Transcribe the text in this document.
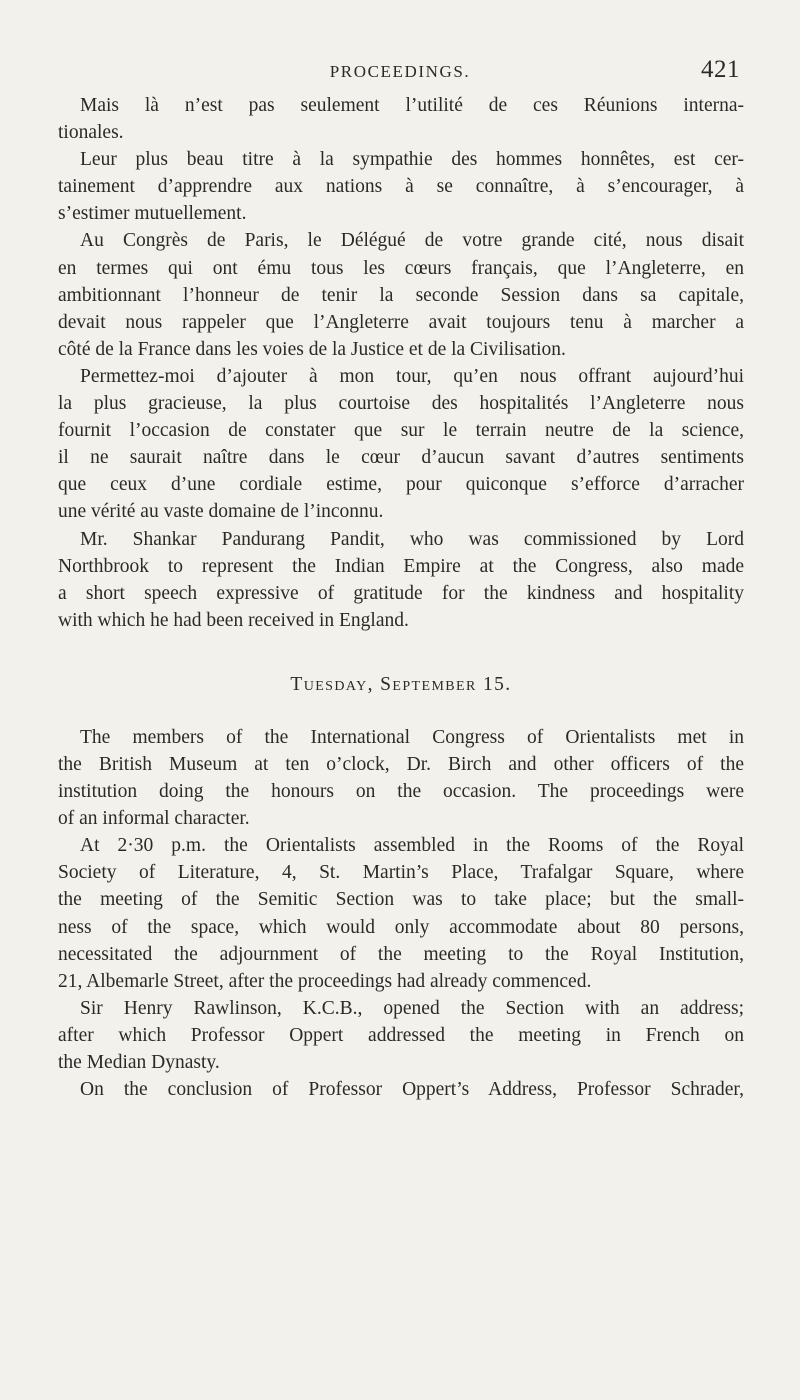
PROCEEDINGS.	421
Mais là n’est pas seulement l’utilité de ces Réunions interna-
tionales.
Leur plus beau titre à la sympathie des hommes honnêtes, est cer-
tainement d’apprendre aux nations à se connaître, à s’encourager, à
s’estimer mutuellement.
Au Congrès de Paris, le Délégué de votre grande cité, nous disait
en termes qui ont ému tous les cœurs français, que l’Angleterre, en
ambitionnant l’honneur de tenir la seconde Session dans sa capitale,
devait nous rappeler que l’Angleterre avait toujours tenu à marcher a
côté de la France dans les voies de la Justice et de la Civilisation.
Permettez-moi d’ajouter à mon tour, qu’en nous offrant aujourd’hui
la plus gracieuse, la plus courtoise des hospitalités l’Angleterre nous
fournit l’occasion de constater que sur le terrain neutre de la science,
il ne saurait naître dans le cœur d’aucun savant d’autres sentiments
que ceux d’une cordiale estime, pour quiconque s’efforce d’arracher
une vérité au vaste domaine de l’inconnu.
Mr. Shankar Pandurang Pandit, who was commissioned by Lord
Northbrook to represent the Indian Empire at the Congress, also made
a short speech expressive of gratitude for the kindness and hospitality
with which he had been received in England.
Tuesday, September 15.
The members of the International Congress of Orientalists met in
the British Museum at ten o’clock, Dr. Birch and other officers of the
institution doing the honours on the occasion. The proceedings were
of an informal character.
At 2·30 p.m. the Orientalists assembled in the Rooms of the Royal
Society of Literature, 4, St. Martin’s Place, Trafalgar Square, where
the meeting of the Semitic Section was to take place; but the small-
ness of the space, which would only accommodate about 80 persons,
necessitated the adjournment of the meeting to the Royal Institution,
21, Albemarle Street, after the proceedings had already commenced.
Sir Henry Rawlinson, K.C.B., opened the Section with an address;
after which Professor Oppert addressed the meeting in French on
the Median Dynasty.
On the conclusion of Professor Oppert’s Address, Professor Schrader,
